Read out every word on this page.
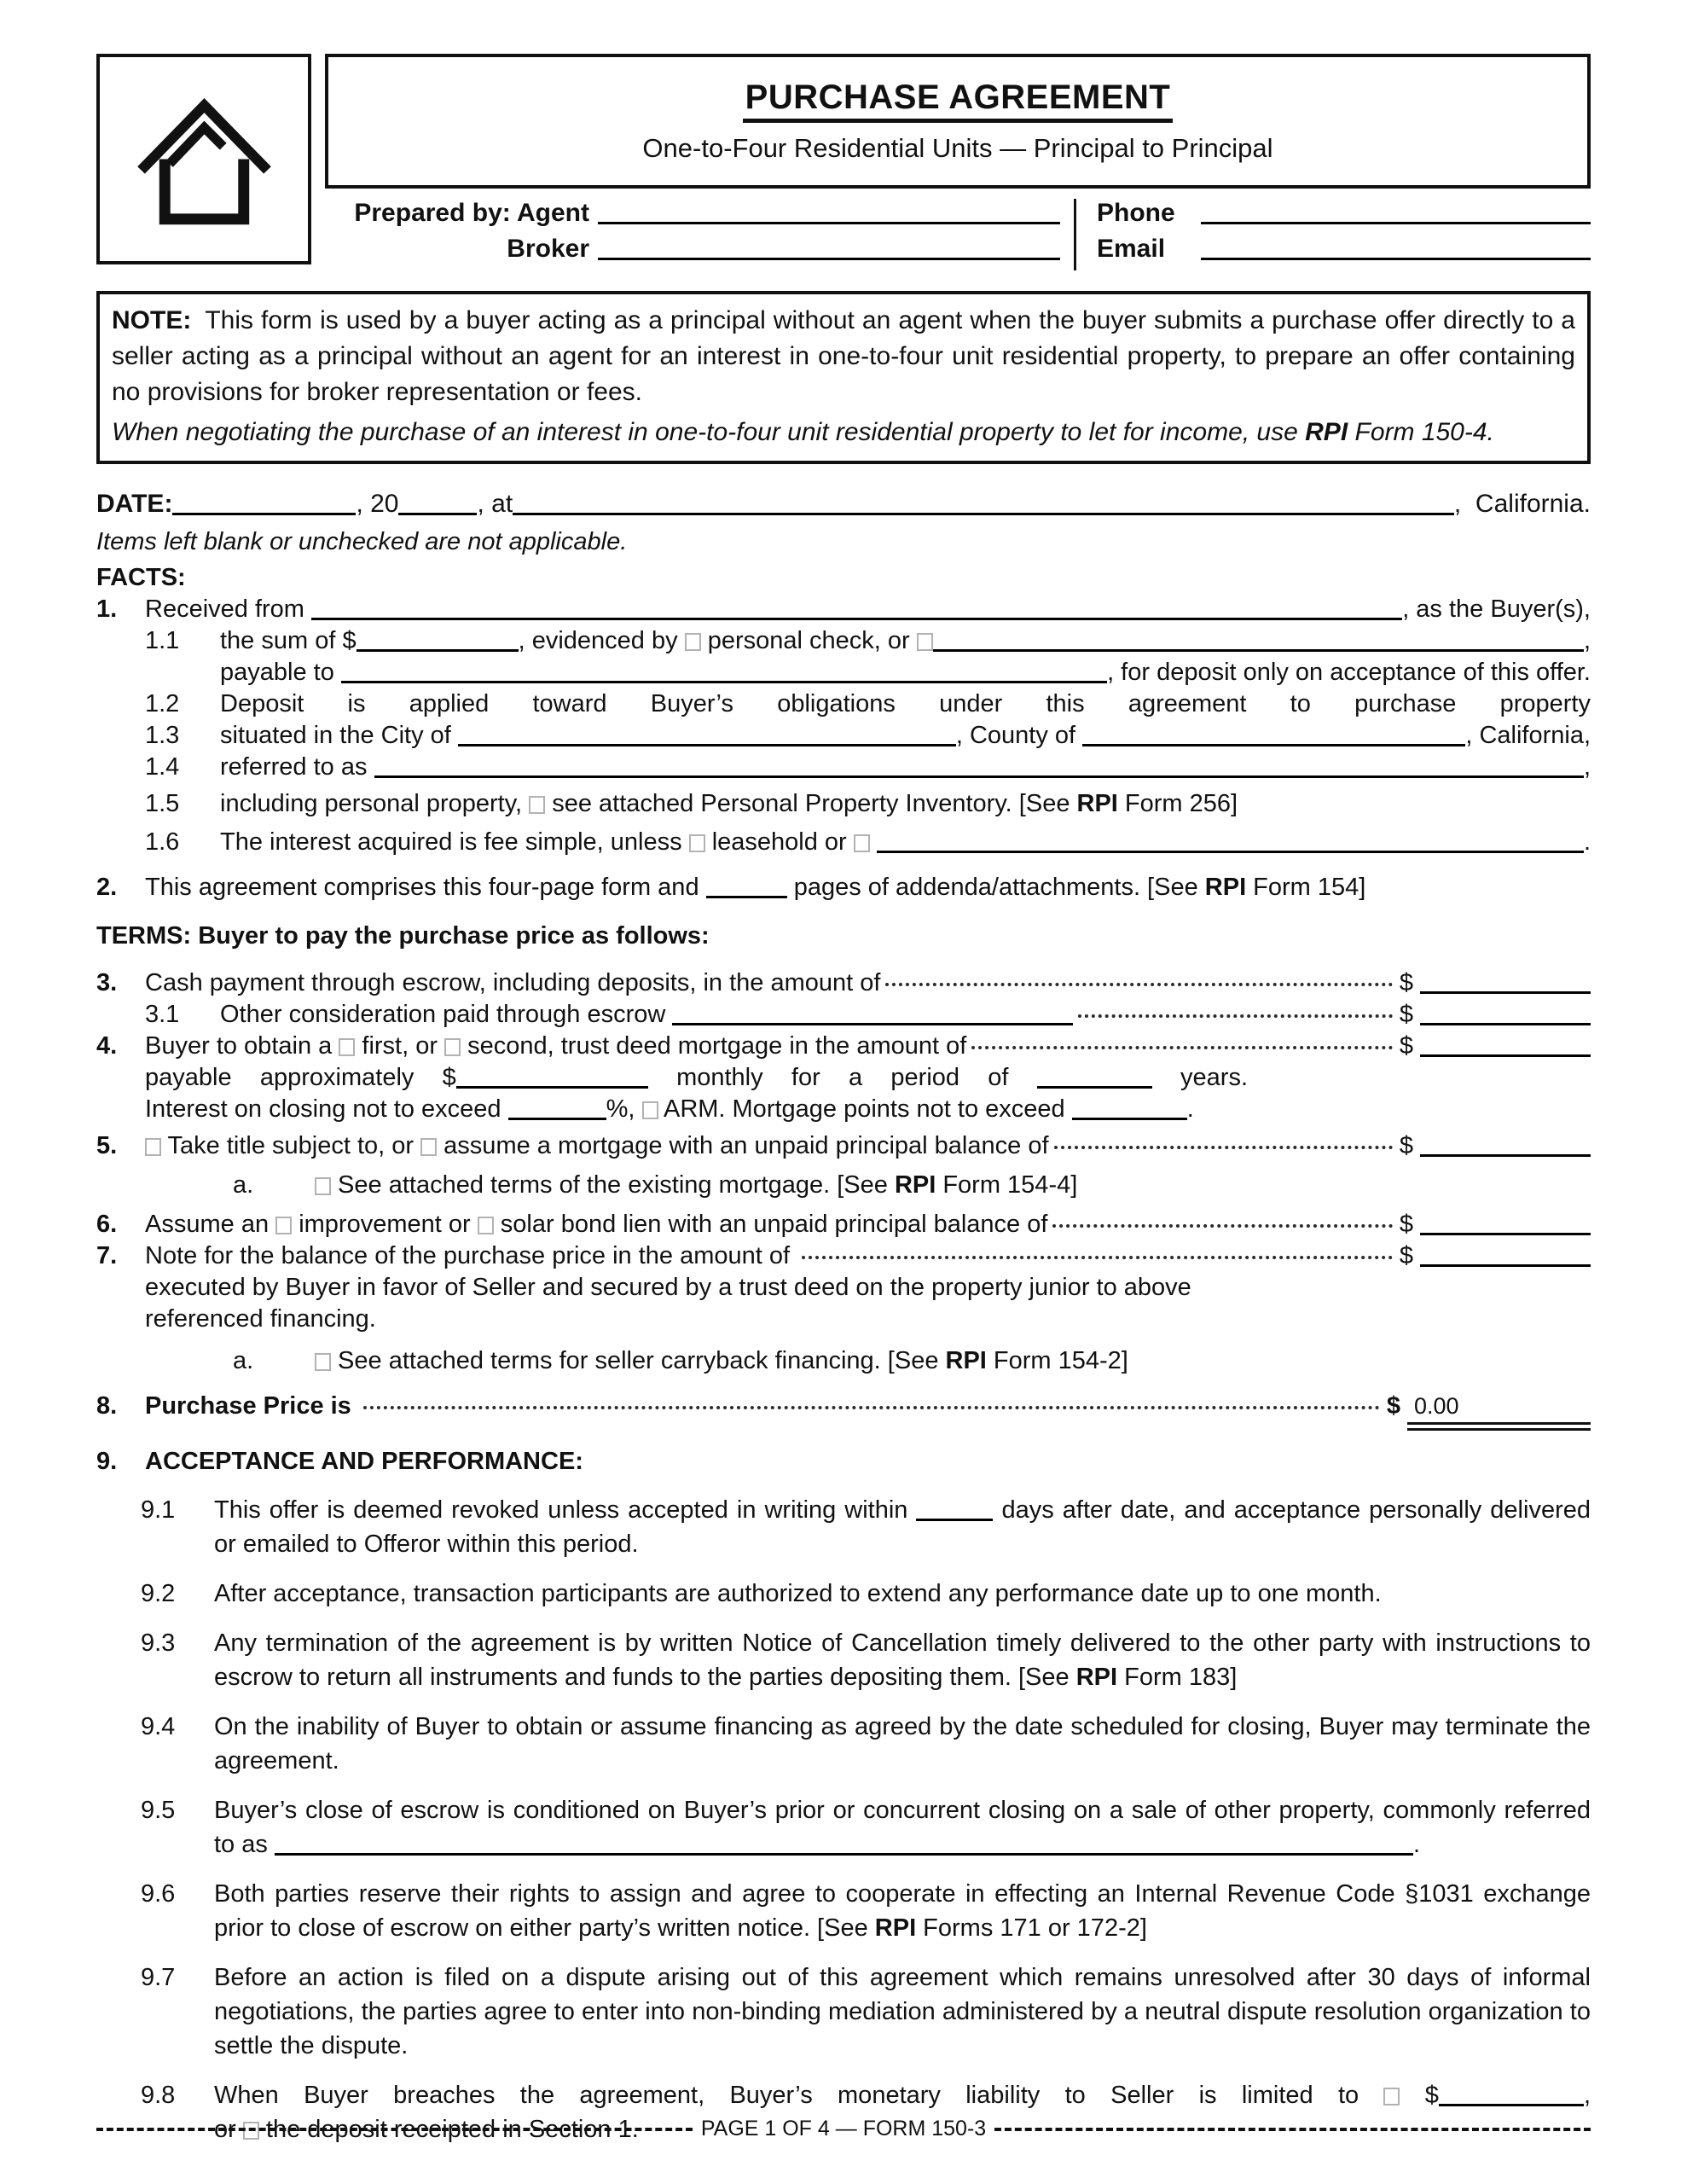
PURCHASE AGREEMENT
One-to-Four Residential Units — Principal to Principal
Prepared by: Agent
Broker
Phone
Email
NOTE: This form is used by a buyer acting as a principal without an agent when the buyer submits a purchase offer directly to a seller acting as a principal without an agent for an interest in one-to-four unit residential property, to prepare an offer containing no provisions for broker representation or fees.
When negotiating the purchase of an interest in one-to-four unit residential property to let for income, use RPI Form 150-4.
DATE:	, 20	, at	,  California.
Items left blank or unchecked are not applicable.
FACTS:
1.	Received from	, as the Buyer(s),
1.1	the sum of $	, evidenced by personal check, or	,
payable to	, for deposit only on acceptance of this offer.
1.2	Deposit is applied toward Buyer’s obligations under this agreement to purchase property
1.3	situated in the City of	, County of	, California,
1.4	referred to as	,
1.5	including personal property, see attached Personal Property Inventory. [See RPI Form 256]
1.6	The interest acquired is fee simple, unless leasehold or	.
2.	This agreement comprises this four-page form and	pages of addenda/attachments. [See RPI Form 154]
TERMS: Buyer to pay the purchase price as follows:
3.	Cash payment through escrow, including deposits, in the amount of	$
3.1	Other consideration paid through escrow	$
4.	Buyer to obtain a first, or second, trust deed mortgage in the amount of	$
payable approximately $	monthly for a period of	years.
Interest on closing not to exceed	%, ARM. Mortgage points not to exceed	.
5.	Take title subject to, or assume a mortgage with an unpaid principal balance of	$
a.	See attached terms of the existing mortgage. [See RPI Form 154-4]
6.	Assume an improvement or solar bond lien with an unpaid principal balance of	$
7.	Note for the balance of the purchase price in the amount of	$
executed by Buyer in favor of Seller and secured by a trust deed on the property junior to above referenced financing.
a.	See attached terms for seller carryback financing. [See RPI Form 154-2]
8.	Purchase Price is	$ 0.00
9.	ACCEPTANCE AND PERFORMANCE:
9.1	This offer is deemed revoked unless accepted in writing within	days after date, and acceptance personally delivered or emailed to Offeror within this period.
9.2	After acceptance, transaction participants are authorized to extend any performance date up to one month.
9.3	Any termination of the agreement is by written Notice of Cancellation timely delivered to the other party with instructions to escrow to return all instruments and funds to the parties depositing them. [See RPI Form 183]
9.4	On the inability of Buyer to obtain or assume financing as agreed by the date scheduled for closing, Buyer may terminate the agreement.
9.5	Buyer’s close of escrow is conditioned on Buyer’s prior or concurrent closing on a sale of other property, commonly referred to as	.
9.6	Both parties reserve their rights to assign and agree to cooperate in effecting an Internal Revenue Code §1031 exchange prior to close of escrow on either party’s written notice. [See RPI Forms 171 or 172-2]
9.7	Before an action is filed on a dispute arising out of this agreement which remains unresolved after 30 days of informal negotiations, the parties agree to enter into non-binding mediation administered by a neutral dispute resolution organization to settle the dispute.
9.8	When Buyer breaches the agreement, Buyer’s monetary liability to Seller is limited to  $	,
or  the deposit receipted in Section 1.	PAGE 1 OF 4 — FORM 150-3
